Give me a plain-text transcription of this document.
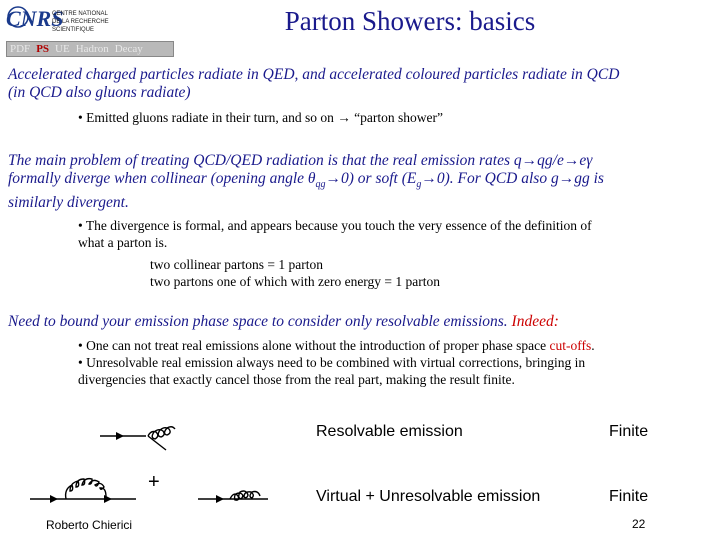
CNRS
CENTRE NATIONAL
DE LA RECHERCHE
SCIENTIFIQUE	Parton Showers: basics
PDF PS UE Hadron Decay
Accelerated charged particles radiate in QED, and accelerated coloured particles radiate in QCD
(in QCD also gluons radiate)
• Emitted gluons radiate in their turn, and so on → “parton shower”
The main problem of treating QCD/QED radiation is that the real emission rates q→qg/e→eγ
formally diverge when collinear (opening angle $\theta_{qg}\to 0$) or soft $(E_g\to 0)$. For QCD also g→gg is
similarly divergent.
• The divergence is formal, and appears because you touch the very essence of the definition of
what a parton is.
two collinear partons = 1 parton
two partons one of which with zero energy = 1 parton
Need to bound your emission phase space to consider only resolvable emissions. Indeed:
• One can not treat real emissions alone without the introduction of proper phase space cut-offs.
• Unresolvable real emission always need to be combined with virtual corrections, bringing in
divergencies that exactly cancel those from the real part, making the result finite.
+
Resolvable emission	Finite
Virtual + Unresolvable emission	Finite
Roberto Chierici	22
